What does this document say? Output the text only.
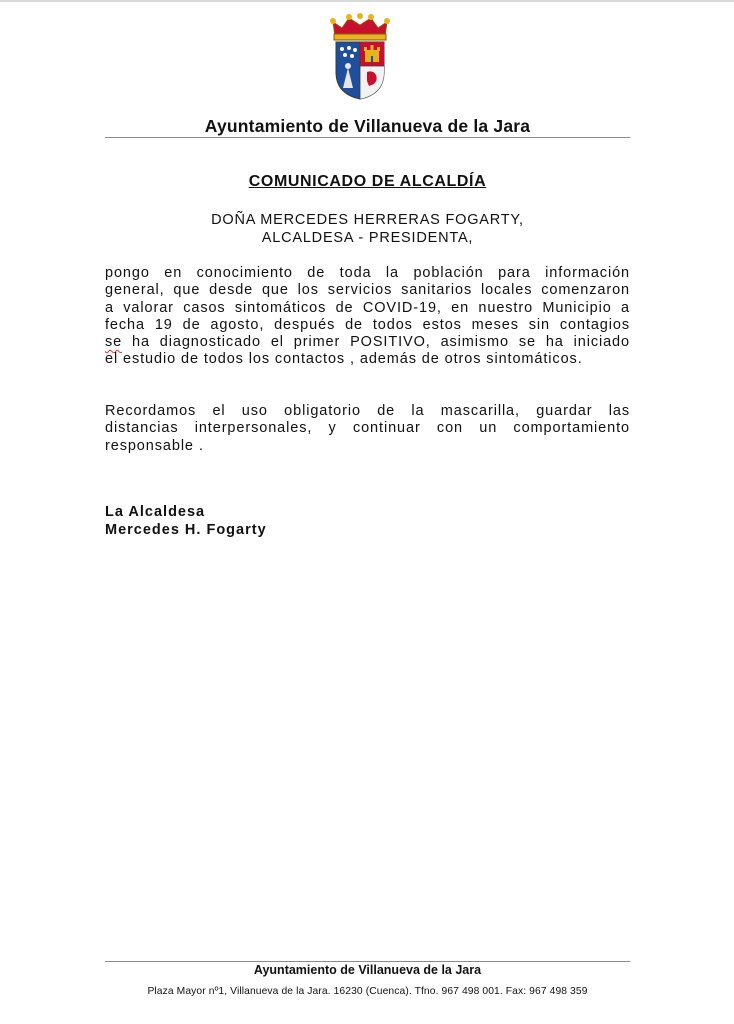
Ayuntamiento de Villanueva de la Jara
COMUNICADO DE ALCALDÍA
DOÑA MERCEDES HERRERAS FOGARTY,
ALCALDESA - PRESIDENTA,
pongo en conocimiento de toda la población para información
general, que desde que los servicios sanitarios locales comenzaron
a valorar casos sintomáticos de COVID-19, en nuestro Municipio a
fecha 19 de agosto, después de todos estos meses sin contagios
se ha diagnosticado el primer POSITIVO, asimismo se ha iniciado
el estudio de todos los contactos , además de otros sintomáticos.
Recordamos el uso obligatorio de la mascarilla, guardar las
distancias interpersonales, y continuar con un comportamiento
responsable .
La Alcaldesa
Mercedes H. Fogarty
Ayuntamiento de Villanueva de la Jara
Plaza Mayor nº1, Villanueva de la Jara. 16230 (Cuenca). Tfno. 967 498 001. Fax: 967 498 359
